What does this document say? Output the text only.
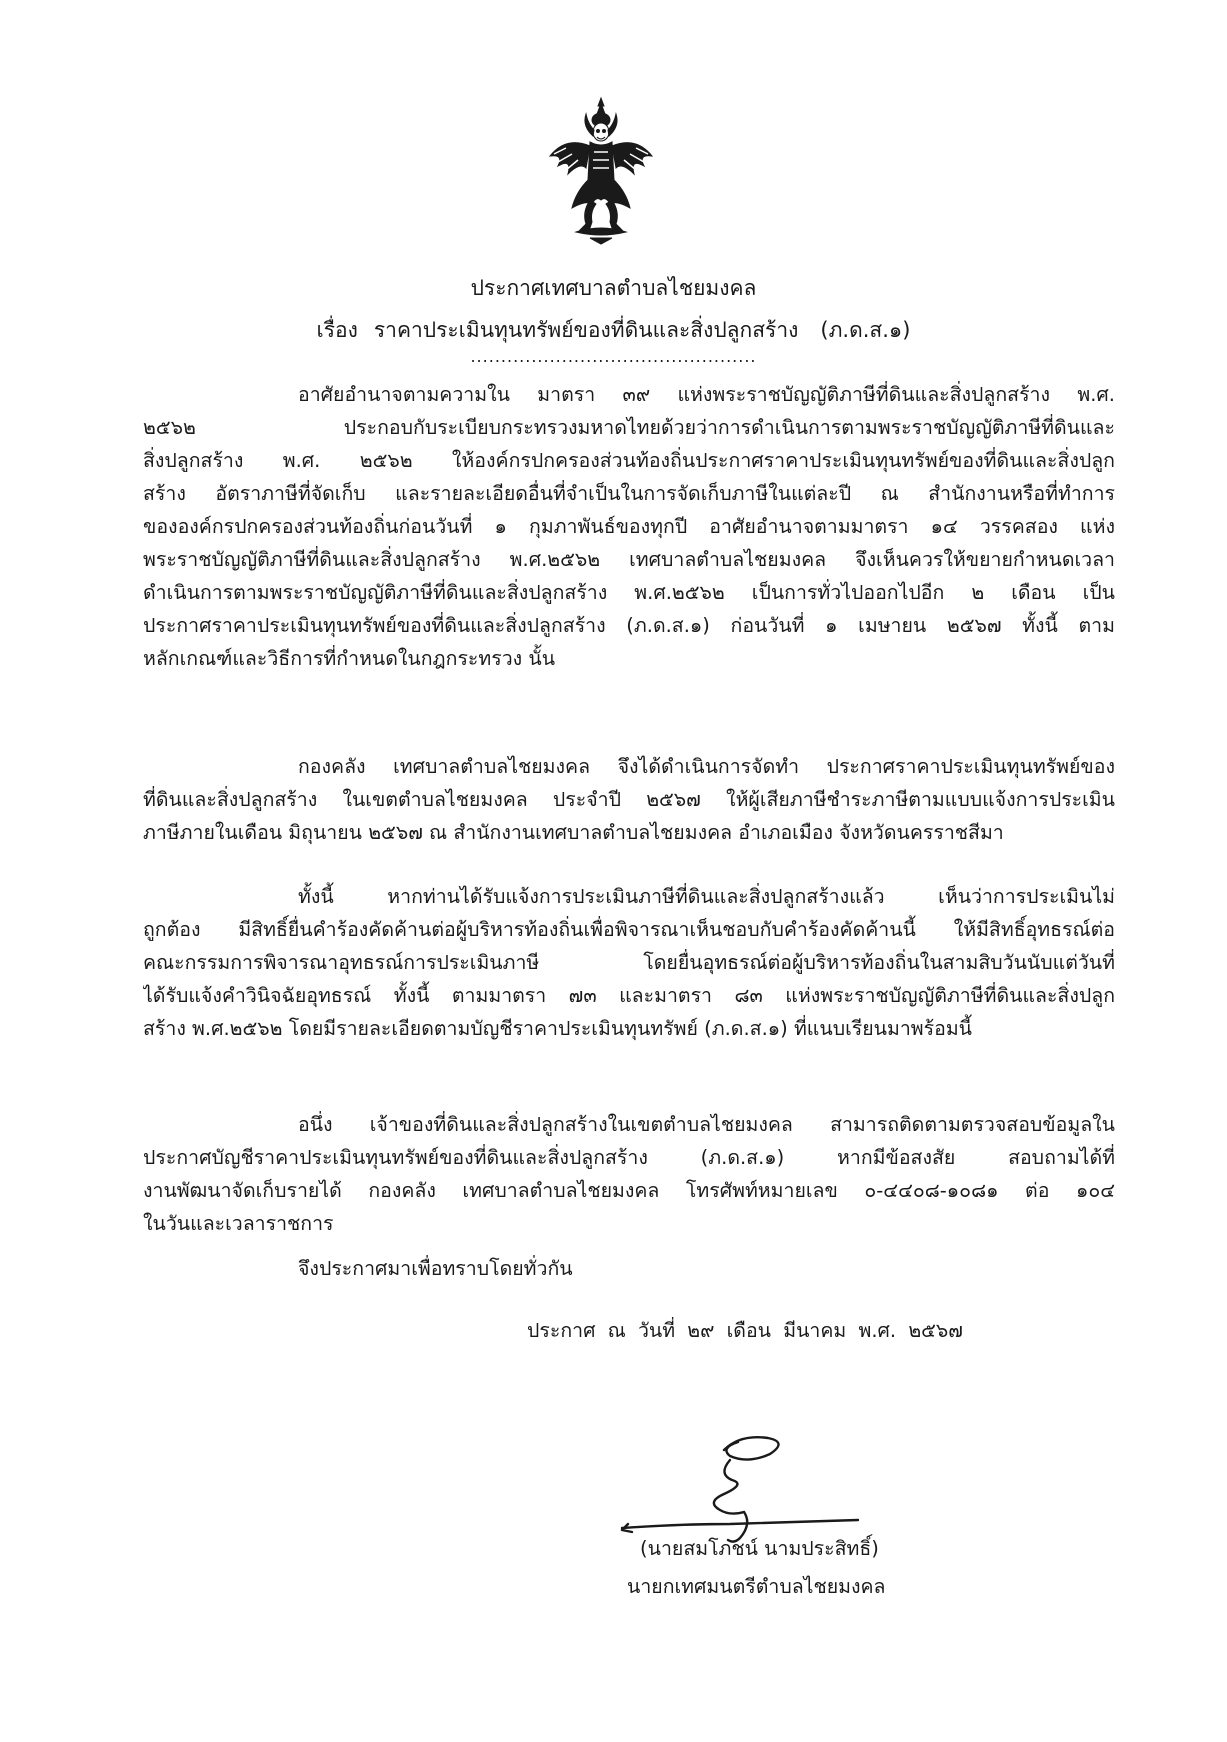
ประกาศเทศบาลตำบลไชยมงคล
เรื่อง ราคาประเมินทุนทรัพย์ของที่ดินและสิ่งปลูกสร้าง (ภ.ด.ส.๑)
...............................................
อาศัยอำนาจตามความใน มาตรา ๓๙ แห่งพระราชบัญญัติภาษีที่ดินและสิ่งปลูกสร้าง พ.ศ.
๒๕๖๒ ประกอบกับระเบียบกระทรวงมหาดไทยด้วยว่าการดำเนินการตามพระราชบัญญัติภาษีที่ดินและ
สิ่งปลูกสร้าง พ.ศ. ๒๕๖๒ ให้องค์กรปกครองส่วนท้องถิ่นประกาศราคาประเมินทุนทรัพย์ของที่ดินและสิ่งปลูก
สร้าง อัตราภาษีที่จัดเก็บ และรายละเอียดอื่นที่จำเป็นในการจัดเก็บภาษีในแต่ละปี ณ สำนักงานหรือที่ทำการ
ขององค์กรปกครองส่วนท้องถิ่นก่อนวันที่ ๑ กุมภาพันธ์ของทุกปี อาศัยอำนาจตามมาตรา ๑๔ วรรคสอง แห่ง
พระราชบัญญัติภาษีที่ดินและสิ่งปลูกสร้าง พ.ศ.๒๕๖๒ เทศบาลตำบลไชยมงคล จึงเห็นควรให้ขยายกำหนดเวลา
ดำเนินการตามพระราชบัญญัติภาษีที่ดินและสิ่งปลูกสร้าง พ.ศ.๒๕๖๒ เป็นการทั่วไปออกไปอีก ๒ เดือน เป็น
ประกาศราคาประเมินทุนทรัพย์ของที่ดินและสิ่งปลูกสร้าง (ภ.ด.ส.๑) ก่อนวันที่ ๑ เมษายน ๒๕๖๗ ทั้งนี้ ตาม
หลักเกณฑ์และวิธีการที่กำหนดในกฎกระทรวง นั้น
กองคลัง เทศบาลตำบลไชยมงคล จึงได้ดำเนินการจัดทำ ประกาศราคาประเมินทุนทรัพย์ของ
ที่ดินและสิ่งปลูกสร้าง ในเขตตำบลไชยมงคล ประจำปี ๒๕๖๗ ให้ผู้เสียภาษีชำระภาษีตามแบบแจ้งการประเมิน
ภาษีภายในเดือน มิถุนายน ๒๕๖๗ ณ สำนักงานเทศบาลตำบลไชยมงคล อำเภอเมือง จังหวัดนครราชสีมา
ทั้งนี้ หากท่านได้รับแจ้งการประเมินภาษีที่ดินและสิ่งปลูกสร้างแล้ว เห็นว่าการประเมินไม่
ถูกต้อง มีสิทธิ์ยื่นคำร้องคัดค้านต่อผู้บริหารท้องถิ่นเพื่อพิจารณาเห็นชอบกับคำร้องคัดค้านนี้ ให้มีสิทธิ์อุทธรณ์ต่อ
คณะกรรมการพิจารณาอุทธรณ์การประเมินภาษี โดยยื่นอุทธรณ์ต่อผู้บริหารท้องถิ่นในสามสิบวันนับแต่วันที่
ได้รับแจ้งคำวินิจฉัยอุทธรณ์ ทั้งนี้ ตามมาตรา ๗๓ และมาตรา ๘๓ แห่งพระราชบัญญัติภาษีที่ดินและสิ่งปลูก
สร้าง พ.ศ.๒๕๖๒ โดยมีรายละเอียดตามบัญชีราคาประเมินทุนทรัพย์ (ภ.ด.ส.๑) ที่แนบเรียนมาพร้อมนี้
อนึ่ง เจ้าของที่ดินและสิ่งปลูกสร้างในเขตตำบลไชยมงคล สามารถติดตามตรวจสอบข้อมูลใน
ประกาศบัญชีราคาประเมินทุนทรัพย์ของที่ดินและสิ่งปลูกสร้าง (ภ.ด.ส.๑) หากมีข้อสงสัย สอบถามได้ที่
งานพัฒนาจัดเก็บรายได้ กองคลัง เทศบาลตำบลไชยมงคล โทรศัพท์หมายเลข ๐-๔๔๐๘-๑๐๘๑ ต่อ ๑๐๔
ในวันและเวลาราชการ
จึงประกาศมาเพื่อทราบโดยทั่วกัน
ประกาศ ณ วันที่ ๒๙ เดือน มีนาคม พ.ศ. ๒๕๖๗
(นายสมโภชน์ นามประสิทธิ์)
นายกเทศมนตรีตำบลไชยมงคล
